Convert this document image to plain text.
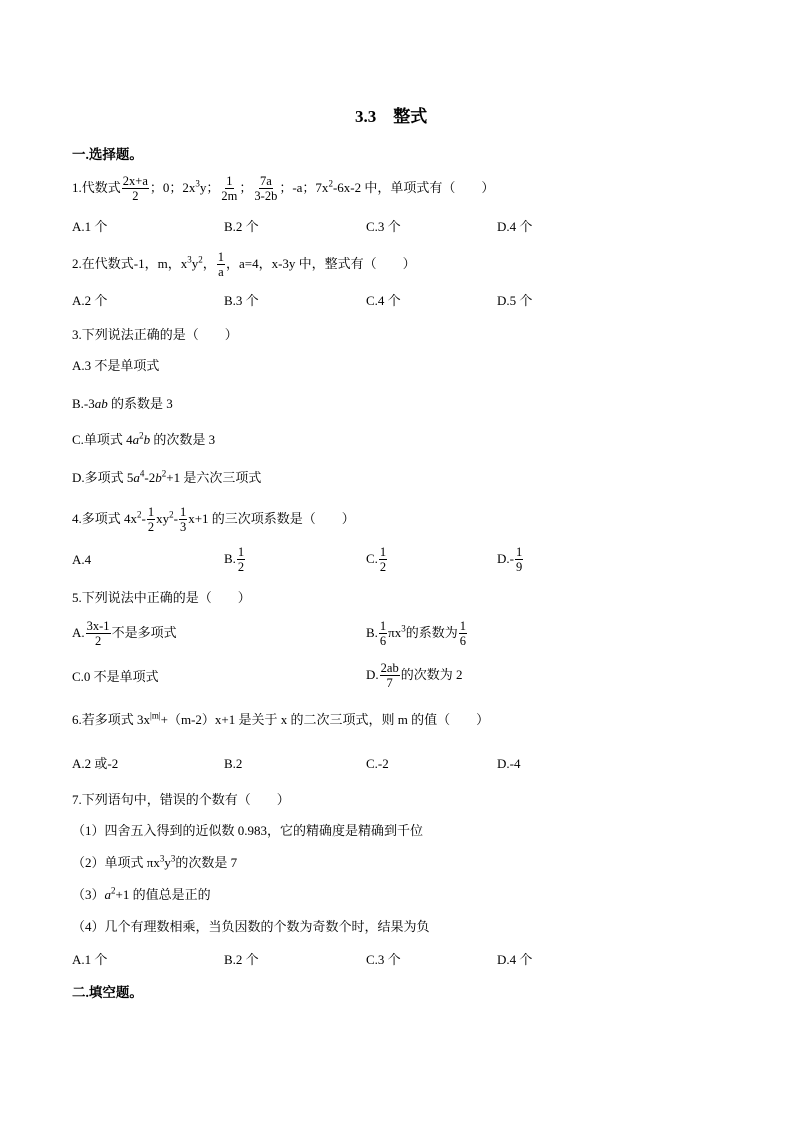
3.3　整式
一.选择题。
1.代数式 $\frac{2x+a}{2}$ ；0；$2x^3y$； $\frac{1}{2m}$ ； $\frac{7a}{3-2b}$ ；-a；$7x^2-6x-2$ 中，单项式有（　　）
A.1 个	B.2 个	C.3 个	D.4 个
2.在代数式-1，m，$x^3y^2$， $\frac{1}{a}$ ，a=4，x-3y 中，整式有（　　）
A.2 个	B.3 个	C.4 个	D.5 个
3.下列说法正确的是（　　）
A.3 不是单项式
B.-3ab 的系数是 3
C.单项式 $4a^2b$ 的次数是 3
D.多项式 $5a^4-2b^2+1$ 是六次三项式
4.多项式 $4x^2- \frac{1}{2} xy^2- \frac{1}{3} x+1$ 的三次项系数是（　　）
A.4	B. $\frac{1}{2}$	C. $\frac{1}{2}$	$D.- \frac{1}{9}$
5.下列说法中正确的是（　　）
A. $\frac{3x-1}{2}$ 不是多项式	B. $\frac{1}{6} \pi x^3$的系数为 $\frac{1}{6}$
C.0 不是单项式	D. $\frac{2ab}{7}$ 的次数为 2
6.若多项式 $3x^{|m|}+(m-2)x+1$ 是关于 x 的二次三项式，则 m 的值（　　）
A.2 或-2	B.2	C.-2	D.-4
7.下列语句中，错误的个数有（　　）
（1）四舍五入得到的近似数 0.983，它的精确度是精确到千位
（2）单项式 $\pi x^3y^3$的次数是 7
$(3)a^2+1$ 的值总是正的
（4）几个有理数相乘，当负因数的个数为奇数个时，结果为负
A.1 个	B.2 个	C.3 个	D.4 个
二.填空题。
